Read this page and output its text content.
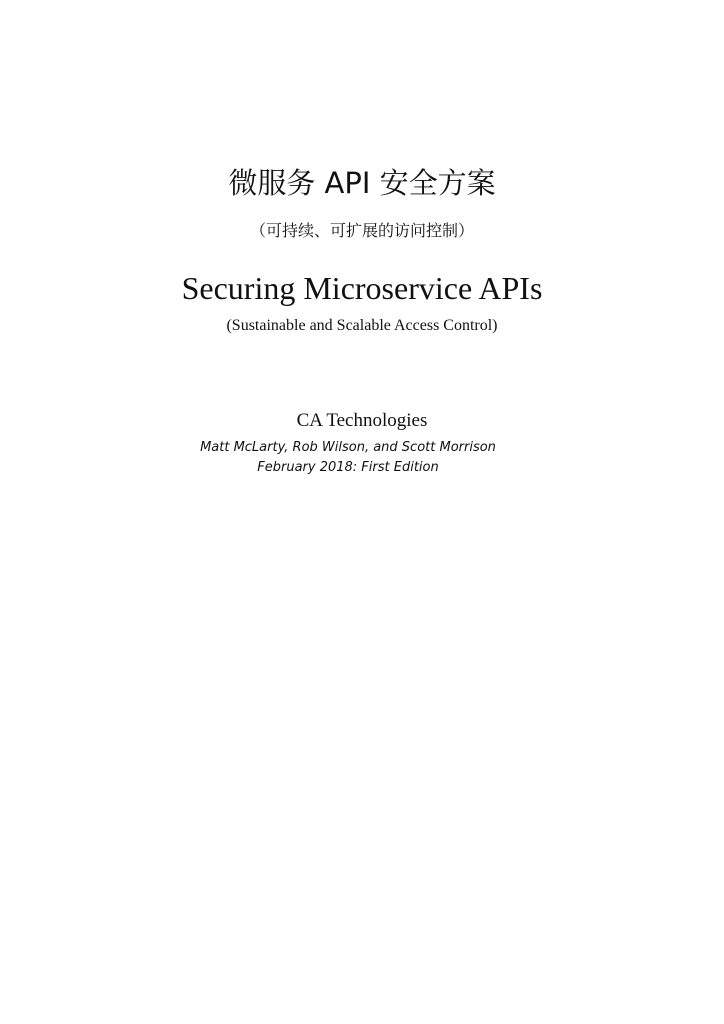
微服务 API 安全方案
（可持续、可扩展的访问控制）
Securing Microservice APIs
(Sustainable and Scalable Access Control)
CA Technologies
Matt McLarty, Rob Wilson, and Scott Morrison
February 2018: First Edition
